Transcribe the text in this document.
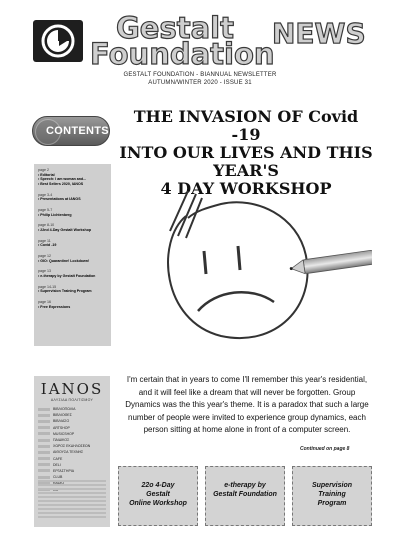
Gestalt
Foundation
NEWS
GESTALT FOUNDATION - BIANNUAL NEWSLETTER
AUTUMN/WINTER 2020 - ISSUE 31
CONTENTS
page 2
• Editorial
• Speech: I am woman and...
• Best Sellers 2020, IANOS
page 3-4
• Presentations at IANOS
page 5-7
• Philip Lichtenberg
page 8-10
• 22nd 4-Day Gestalt Workshop
page 11
• Covid -19
page 12
• GIO: Quarantine! Lockdown!
page 13
• e-therapy by Gestalt Foundation
page 14-15
• Supervision Training Program
page 16
• Free Expressions
IANOS
ΑΛΥΣΙΔΑ ΠΟΛΙΤΙΣΜΟΥ
ΒΙΒΛΙΟΠΩΛΙΑ
ΒΙΒΛΙΟΘΕΣ
ΒΙΒΛΙΑΣΟ
ARTSHOP
MUSICSHOP
ΠΑΙΔΙΚΟΣ
ΧΩΡΟΣ ΕΚΔΗΛΩΣΕΩΝ
ΑΙΘΟΥΣΑ ΤΕΧΝΗΣ
CAFE
DELI
ΕΡΓΑΣΤΗΡΙΑ
CLUB
THE INVASION OF Covid -19
INTO OUR LIVES AND THIS YEAR'S
4 DAY WORKSHOP
I'm certain that in years to come I'll remember this year's residential, and it will feel like a dream that will never be forgotten. Group Dynamics was the this year's theme. It is a paradox that such a large number of people were invited to experience group dynamics, each person sitting at home alone in front of a computer screen.
Continued on page 8
22o 4-Day
Gestalt
Online Workshop
e-therapy by
Gestalt Foundation
Supervision
Training
Program
